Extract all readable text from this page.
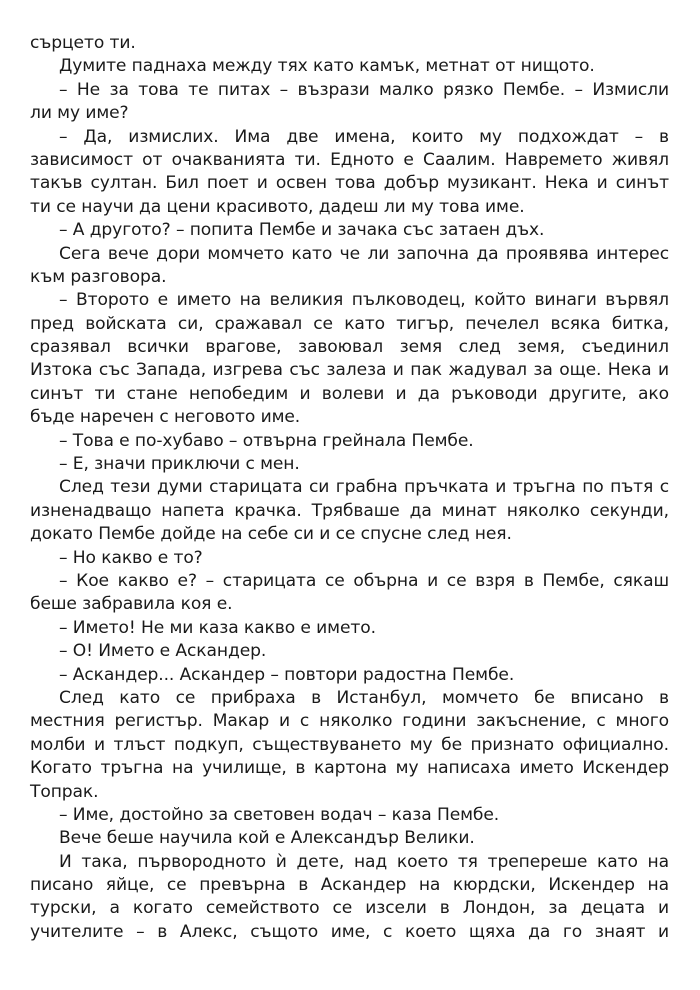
сърцето ти.
Думите паднаха между тях като камък, метнат от нищото.
– Не за това те питах – възрази малко рязко Пембе. – Измисли
ли му име?
– Да, измислих. Има две имена, които му подхождат – в
зависимост от очакванията ти. Едното е Саалим. Навремето живял
такъв султан. Бил поет и освен това добър музикант. Нека и синът
ти се научи да цени красивото, дадеш ли му това име.
– А другото? – попита Пембе и зачака със затаен дъх.
Сега вече дори момчето като че ли започна да проявява интерес
към разговора.
– Второто е името на великия пълководец, който винаги вървял
пред войската си, сражавал се като тигър, печелел всяка битка,
сразявал всички врагове, завоювал земя след земя, съединил
Изтока със Запада, изгрева със залеза и пак жадувал за още. Нека и
синът ти стане непобедим и волеви и да ръководи другите, ако
бъде наречен с неговото име.
– Това е по-хубаво – отвърна грейнала Пембе.
– Е, значи приключи с мен.
След тези думи старицата си грабна пръчката и тръгна по пътя с
изненадващо напета крачка. Трябваше да минат няколко секунди,
докато Пембе дойде на себе си и се спусне след нея.
– Но какво е то?
– Кое какво е? – старицата се обърна и се взря в Пембе, сякаш
беше забравила коя е.
– Името! Не ми каза какво е името.
– О! Името е Аскандер.
– Аскандер... Аскандер – повтори радостна Пембе.
След като се прибраха в Истанбул, момчето бе вписано в
местния регистър. Макар и с няколко години закъснение, с много
молби и тлъст подкуп, съществуването му бе признато официално.
Когато тръгна на училище, в картона му написаха името Искендер
Топрак.
– Име, достойно за световен водач – каза Пембе.
Вече беше научила кой е Александър Велики.
И така, първородното ѝ дете, над което тя трепереше като на
писано яйце, се превърна в Аскандер на кюрдски, Искендер на
турски, а когато семейството се изсели в Лондон, за децата и
учителите – в Алекс, същото име, с което щяха да го знаят и
